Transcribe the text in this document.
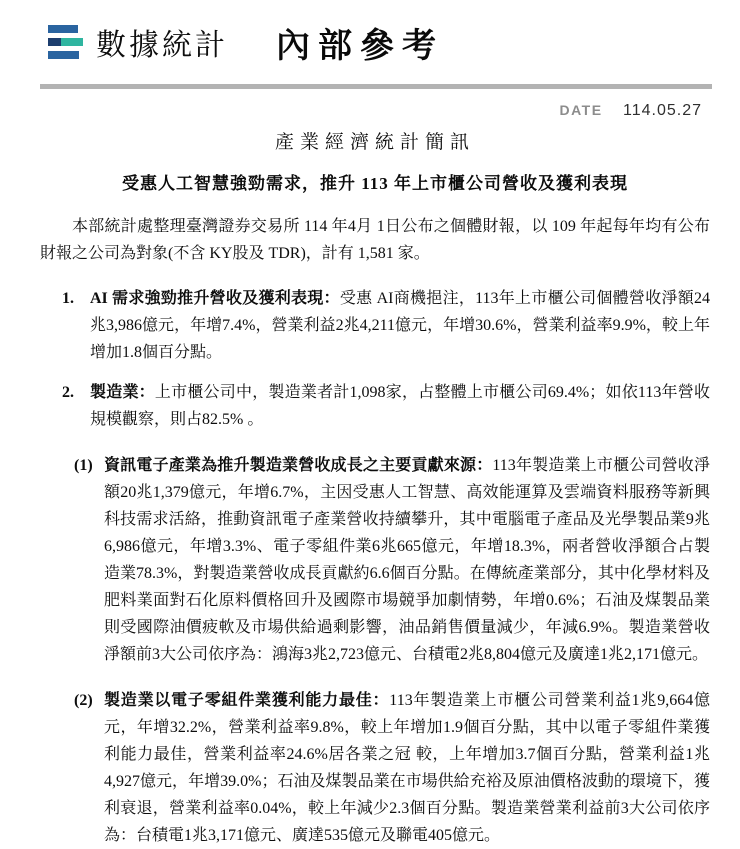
數據統計 內部參考
DATE 114.05.27
產業經濟統計簡訊
受惠人工智慧強勁需求，推升 113 年上市櫃公司營收及獲利表現

本部統計處整理臺灣證券交易所 114 年4月 1日公布之個體財報，以 109 年起每年均有公布財報之公司為對象(不含 KY股及 TDR)，計有 1,581 家。

1. AI 需求強勁推升營收及獲利表現：受惠 AI商機挹注，113年上市櫃公司個體營收淨額24兆3,986億元，年增7.4%，營業利益2兆4,211億元，年增30.6%，營業利益率9.9%，較上年增加1.8個百分點。
2. 製造業：上市櫃公司中，製造業者計1,098家，占整體上市櫃公司69.4%；如依113年營收規模觀察，則占82.5% 。
(1) 資訊電子產業為推升製造業營收成長之主要貢獻來源：113年製造業上市櫃公司營收淨額20兆1,379億元，年增6.7%，主因受惠人工智慧、高效能運算及雲端資料服務等新興科技需求活絡，推動資訊電子產業營收持續攀升，其中電腦電子產品及光學製品業9兆6,986億元，年增3.3%、電子零組件業6兆665億元，年增18.3%，兩者營收淨額合占製造業78.3%，對製造業營收成長貢獻約6.6個百分點。在傳統產業部分，其中化學材料及肥料業面對石化原料價格回升及國際市場競爭加劇情勢，年增0.6%；石油及煤製品業則受國際油價疲軟及市場供給過剩影響，油品銷售價量減少，年減6.9%。製造業營收淨額前3大公司依序為：鴻海3兆2,723億元、台積電2兆8,804億元及廣達1兆2,171億元。
(2) 製造業以電子零組件業獲利能力最佳：113年製造業上市櫃公司營業利益1兆9,664億元，年增32.2%，營業利益率9.8%，較上年增加1.9個百分點，其中以電子零組件業獲利能力最佳，營業利益率24.6%居各業之冠 較，上年增加3.7個百分點，營業利益1兆4,927億元，年增39.0%；石油及煤製品業在市場供給充裕及原油價格波動的環境下，獲利衰退，營業利益率0.04%，較上年減少2.3個百分點。製造業營業利益前3大公司依序為：台積電1兆3,171億元、廣達535億元及聯電405億元。
